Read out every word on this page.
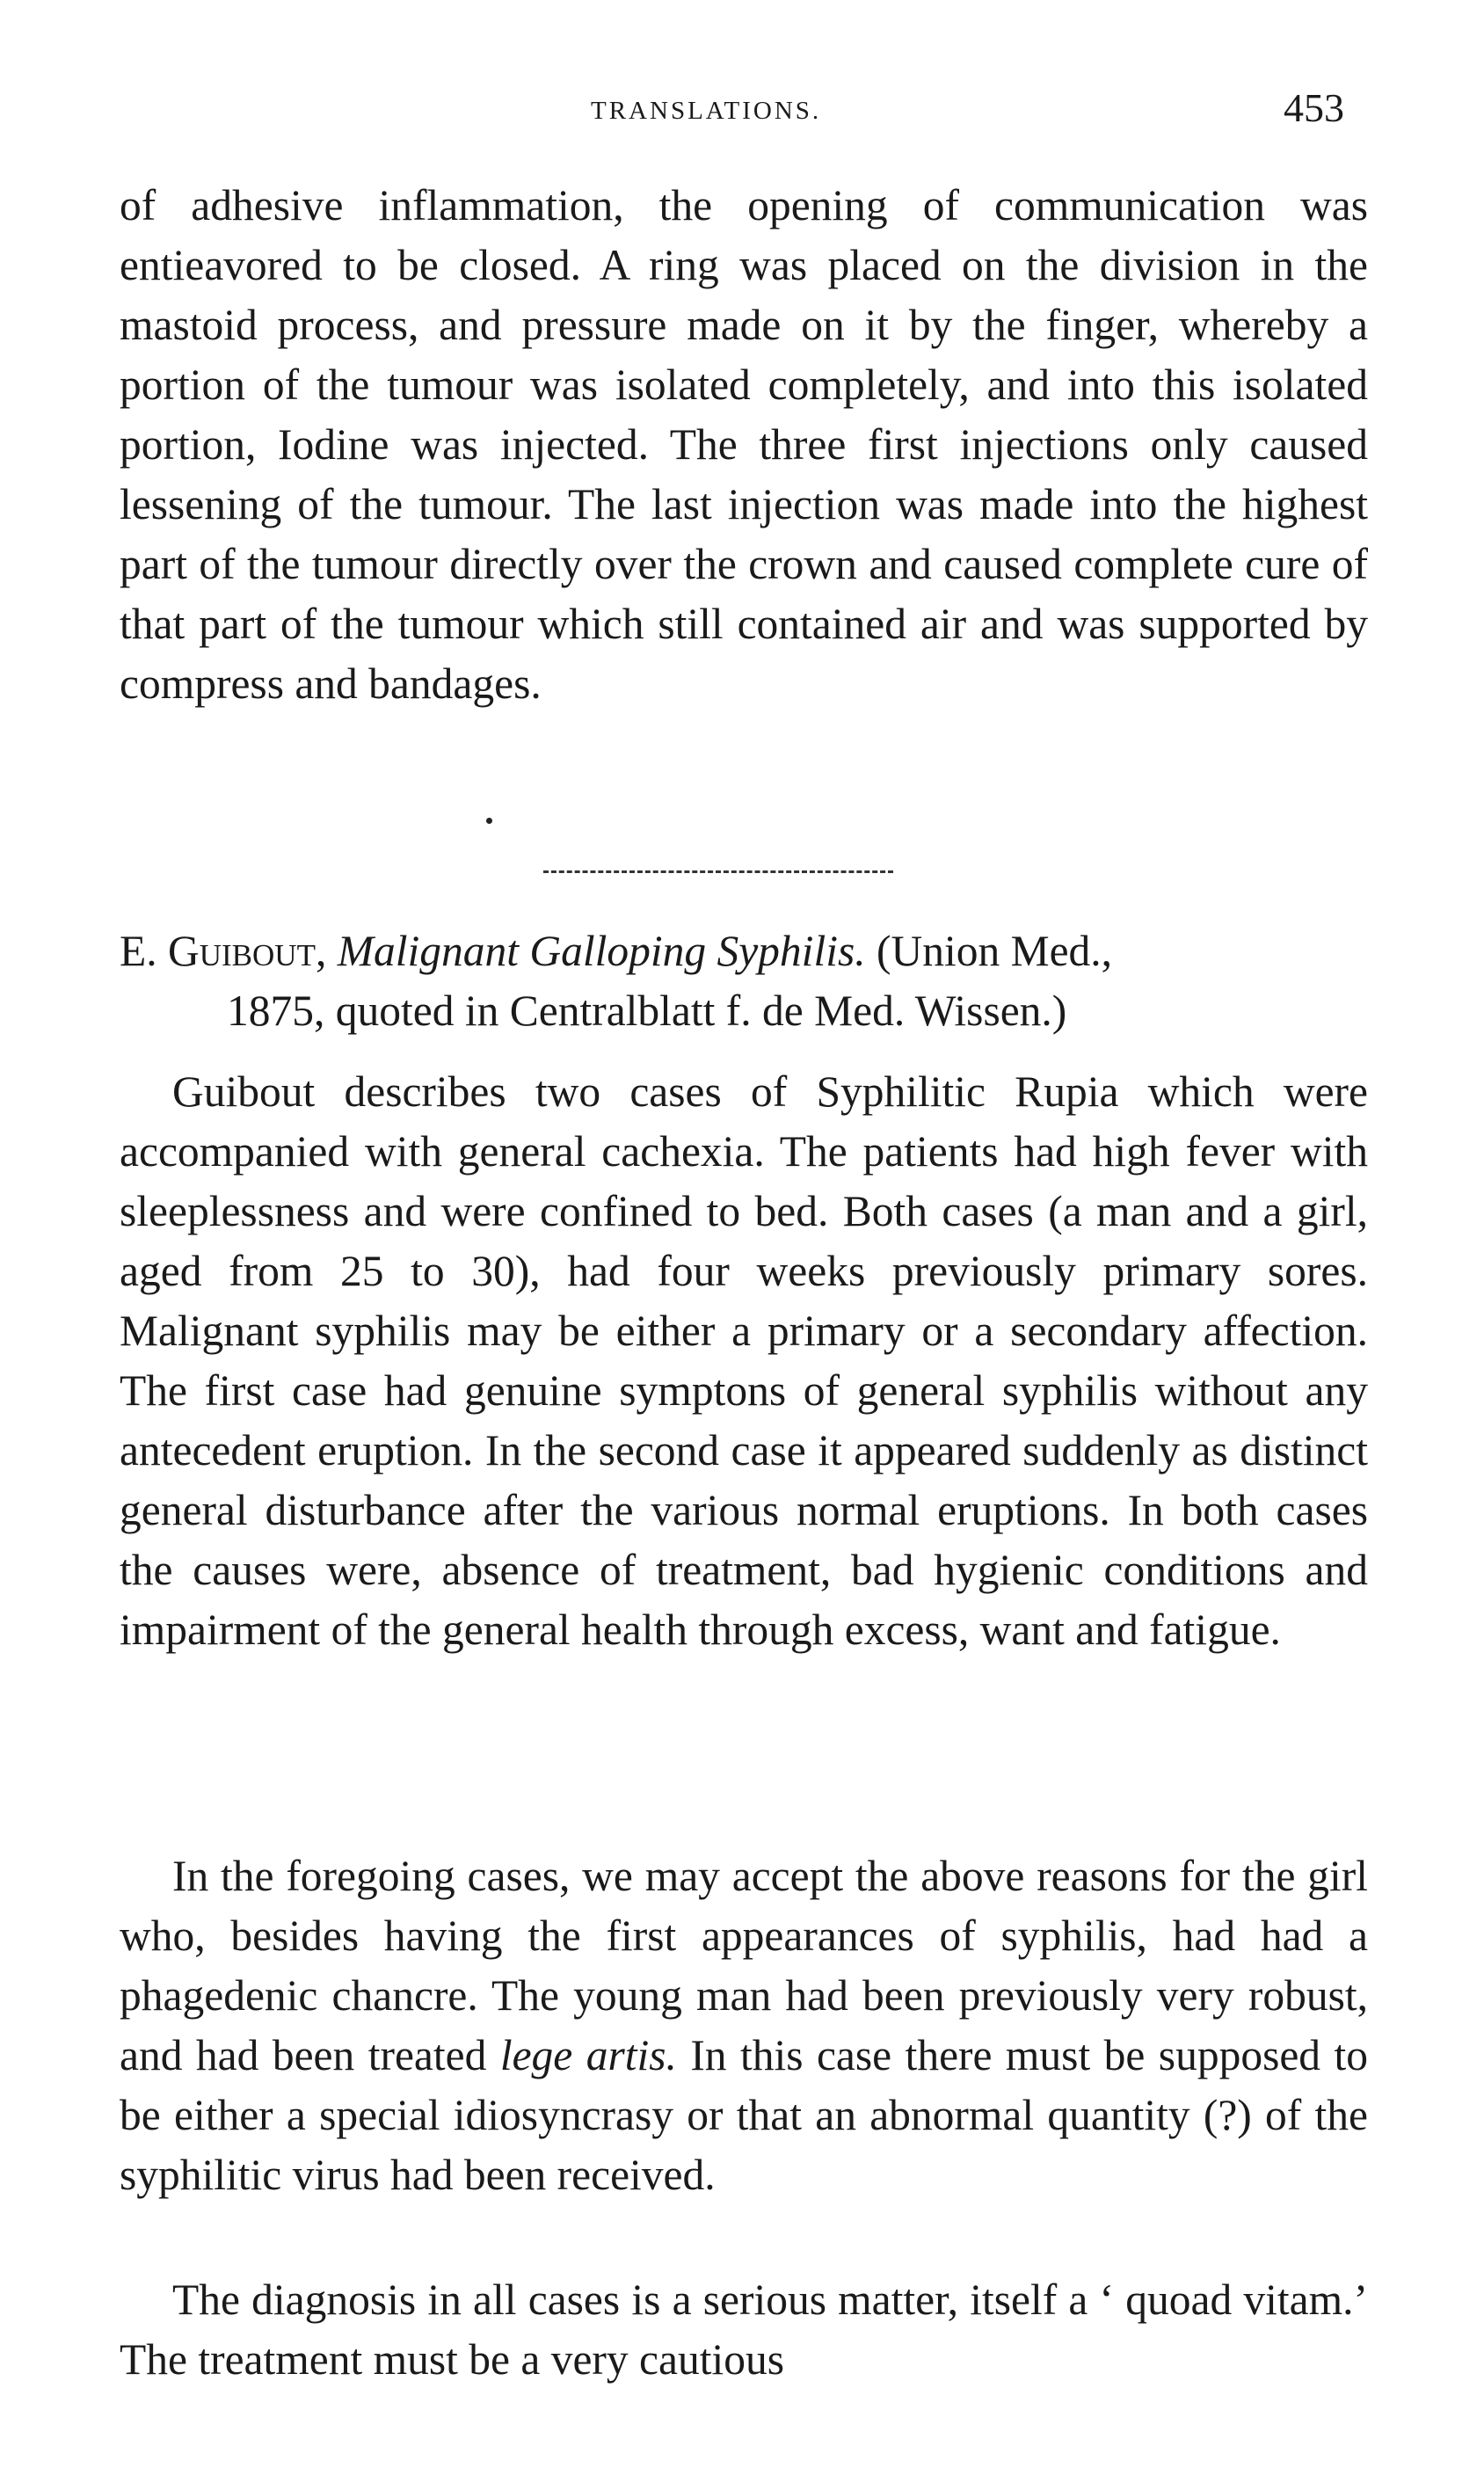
TRANSLATIONS.	453

of adhesive inflammation, the opening of communication was entieavored to be closed. A ring was placed on the division in the mastoid process, and pressure made on it by the finger, whereby a portion of the tumour was isolated completely, and into this isolated portion, Iodine was injected. The three first injections only caused lessening of the tumour. The last injection was made into the highest part of the tumour directly over the crown and caused complete cure of that part of the tumour which still contained air and was supported by compress and bandages.

E. Guibout, Malignant Galloping Syphilis. (Union Med.,
1875, quoted in Centralblatt f. de Med. Wissen.)

Guibout describes two cases of Syphilitic Rupia which were accompanied with general cachexia. The patients had high fever with sleeplessness and were confined to bed. Both cases (a man and a girl, aged from 25 to 30), had four weeks previously primary sores. Malignant syphilis may be either a primary or a secondary affection. The first case had genuine symptons of general syphilis without any antecedent eruption. In the second case it appeared suddenly as distinct general disturbance after the various normal eruptions. In both cases the causes were, absence of treatment, bad hygienic conditions and impairment of the general health through excess, want and fatigue.

In the foregoing cases, we may accept the above reasons for the girl who, besides having the first appearances of syphilis, had had a phagedenic chancre. The young man had been previously very robust, and had been treated lege artis. In this case there must be supposed to be either a special idiosyncrasy or that an abnormal quantity (?) of the syphilitic virus had been received.

The diagnosis in all cases is a serious matter, itself a ‘ quoad vitam.’ The treatment must be a very cautious
